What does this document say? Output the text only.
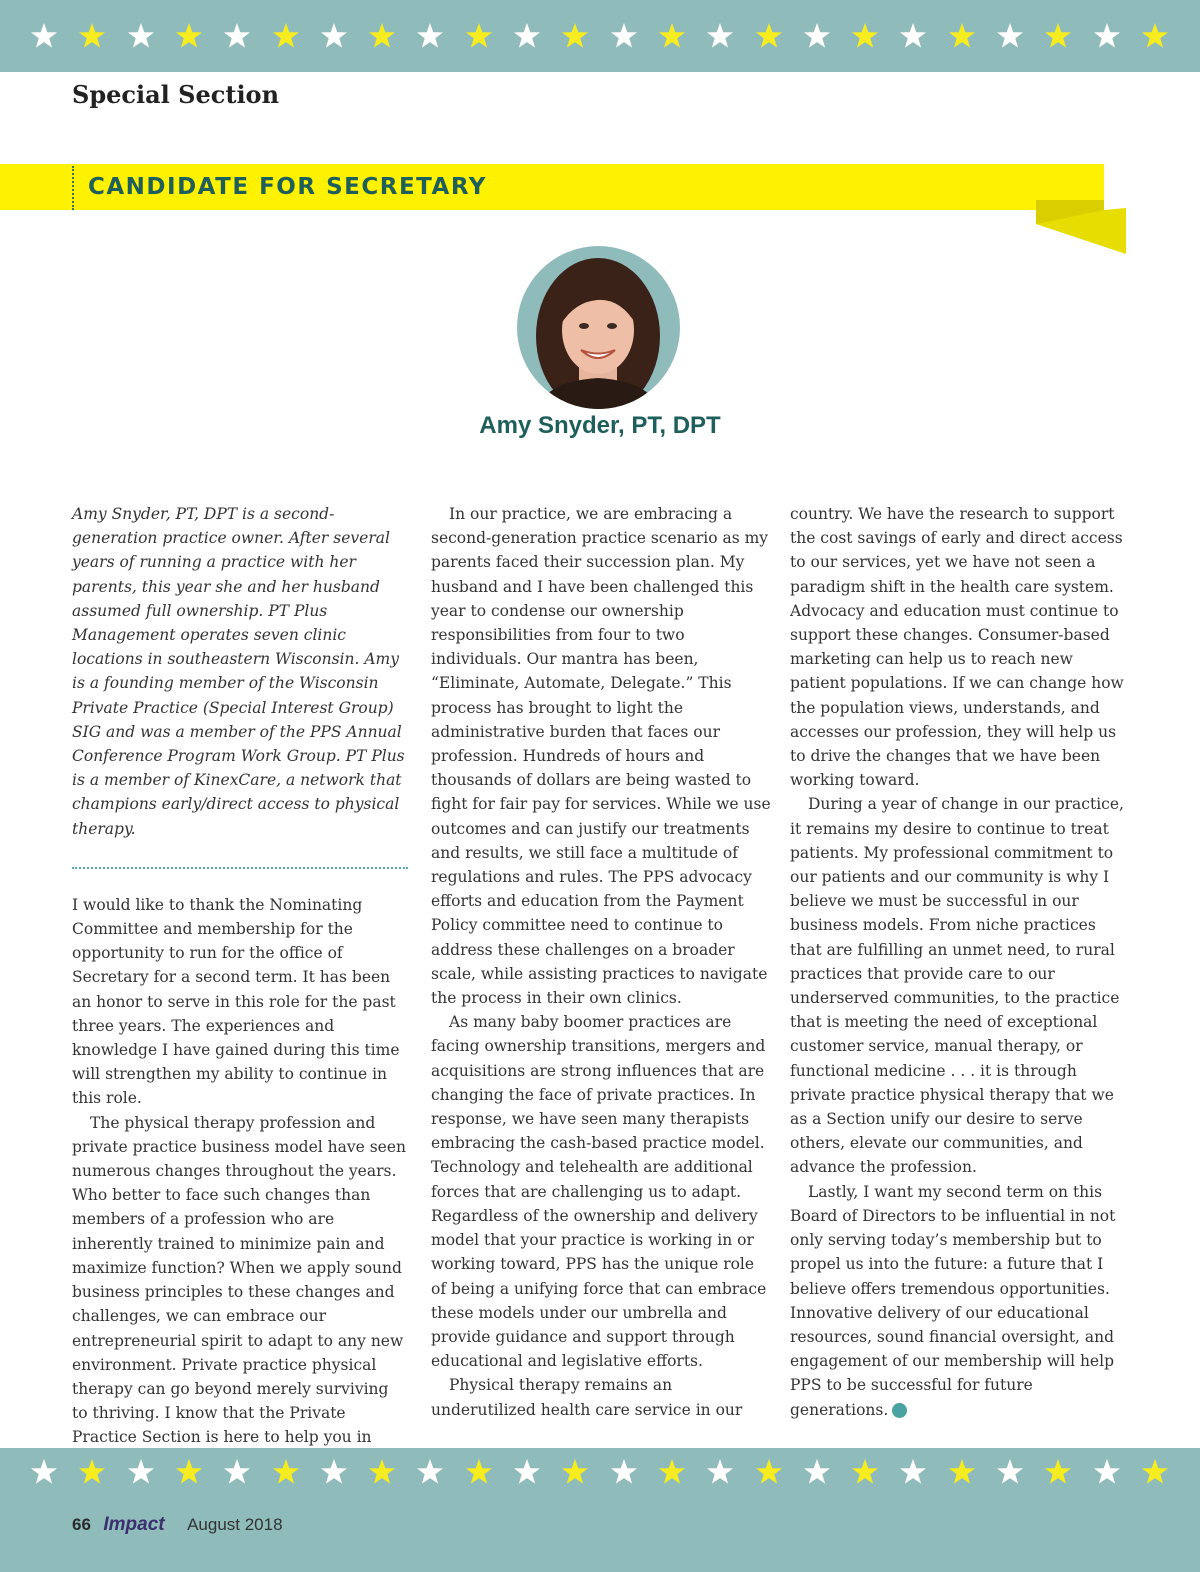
Special Section
CANDIDATE FOR SECRETARY
Amy Snyder, PT, DPT

Amy Snyder, PT, DPT is a second-generation practice owner. After several years of running a practice with her parents, this year she and her husband assumed full ownership. PT Plus Management operates seven clinic locations in southeastern Wisconsin. Amy is a founding member of the Wisconsin Private Practice (Special Interest Group) SIG and was a member of the PPS Annual Conference Program Work Group. PT Plus is a member of KinexCare, a network that champions early/direct access to physical therapy.

I would like to thank the Nominating Committee and membership for the opportunity to run for the office of Secretary for a second term. It has been an honor to serve in this role for the past three years. The experiences and knowledge I have gained during this time will strengthen my ability to continue in this role.

The physical therapy profession and private practice business model have seen numerous changes throughout the years. Who better to face such changes than members of a profession who are inherently trained to minimize pain and maximize function? When we apply sound business principles to these changes and challenges, we can embrace our entrepreneurial spirit to adapt to any new environment. Private practice physical therapy can go beyond merely surviving to thriving. I know that the Private Practice Section is here to help you in

In our practice, we are embracing a second-generation practice scenario as my parents faced their succession plan. My husband and I have been challenged this year to condense our ownership responsibilities from four to two individuals. Our mantra has been, “Eliminate, Automate, Delegate.” This process has brought to light the administrative burden that faces our profession. Hundreds of hours and thousands of dollars are being wasted to fight for fair pay for services. While we use outcomes and can justify our treatments and results, we still face a multitude of regulations and rules. The PPS advocacy efforts and education from the Payment Policy committee need to continue to address these challenges on a broader scale, while assisting practices to navigate the process in their own clinics.

As many baby boomer practices are facing ownership transitions, mergers and acquisitions are strong influences that are changing the face of private practices. In response, we have seen many therapists embracing the cash-based practice model. Technology and telehealth are additional forces that are challenging us to adapt. Regardless of the ownership and delivery model that your practice is working in or working toward, PPS has the unique role of being a unifying force that can embrace these models under our umbrella and provide guidance and support through educational and legislative efforts.

Physical therapy remains an underutilized health care service in our

country. We have the research to support the cost savings of early and direct access to our services, yet we have not seen a paradigm shift in the health care system. Advocacy and education must continue to support these changes. Consumer-based marketing can help us to reach new patient populations. If we can change how the population views, understands, and accesses our profession, they will help us to drive the changes that we have been working toward.

During a year of change in our practice, it remains my desire to continue to treat patients. My professional commitment to our patients and our community is why I believe we must be successful in our business models. From niche practices that are fulfilling an unmet need, to rural practices that provide care to our underserved communities, to the practice that is meeting the need of exceptional customer service, manual therapy, or functional medicine . . . it is through private practice physical therapy that we as a Section unify our desire to serve others, elevate our communities, and advance the profession.

Lastly, I want my second term on this Board of Directors to be influential in not only serving today’s membership but to propel us into the future: a future that I believe offers tremendous opportunities. Innovative delivery of our educational resources, sound financial oversight, and engagement of our membership will help PPS to be successful for future generations. ★

66 Impact August 2018
